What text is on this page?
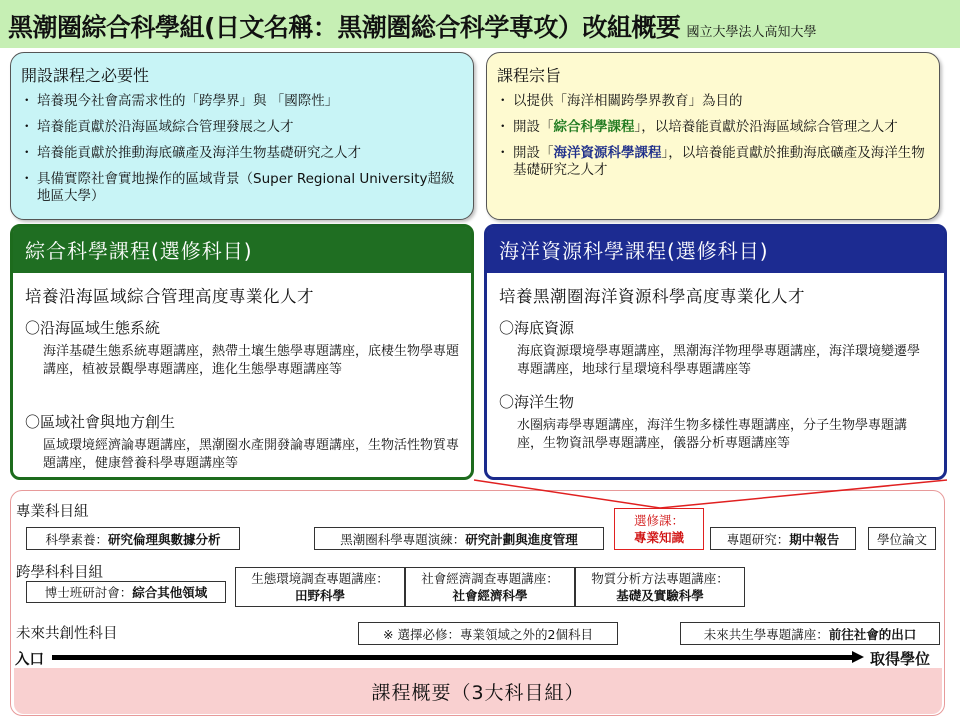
黑潮圈綜合科學組(日文名稱：黒潮圏総合科学専攻）改組概要 國立大學法人高知大學
開設課程之必要性
・ 培養現今社會高需求性的「跨學界」與 「國際性」
・ 培養能貢獻於沿海區域綜合管理發展之人才
・ 培養能貢獻於推動海底礦產及海洋生物基礎研究之人才
・ 具備實際社會實地操作的區域背景（Super Regional University超級地區大學）
課程宗旨
・ 以提供「海洋相關跨學界教育」為目的
・ 開設「綜合科學課程」，以培養能貢獻於沿海區域綜合管理之人才
・ 開設「海洋資源科學課程」，以培養能貢獻於推動海底礦產及海洋生物基礎研究之人才
綜合科學課程(選修科目)
培養沿海區域綜合管理高度專業化人才
〇沿海區域生態系統
海洋基礎生態系統專題講座，熱帶土壤生態學專題講座，底棲生物學專題講座，植被景觀學專題講座，進化生態學專題講座等
〇區域社會與地方創生
區域環境經濟論專題講座，黑潮圈水產開發論專題講座，生物活性物質專題講座，健康營養科學專題講座等
海洋資源科學課程(選修科目)
培養黑潮圈海洋資源科學高度專業化人才
〇海底資源
海底資源環境學專題講座，黑潮海洋物理學專題講座，海洋環境變遷學專題講座，地球行星環境科學專題講座等
〇海洋生物
水圈病毒學專題講座，海洋生物多樣性專題講座，分子生物學專題講座，生物資訊學專題講座，儀器分析專題講座等
課程概要（3大科目組）
專業科目組
跨學科科目組
未來共創性科目
科學素養： 研究倫理與數據分析	黑潮圈科學專題演練： 研究計劃與進度管理
選修課：
專業知識	專題研究： 期中報告	學位論文
博士班研討會： 綜合其他領域
生態環境調查專題講座：
田野科學
社會經濟調查專題講座：
社會經濟科學
物質分析方法專題講座：
基礎及實驗科學
※ 選擇必修：專業領域之外的2個科目	未來共生學專題講座： 前往社會的出口
入口	取得學位
